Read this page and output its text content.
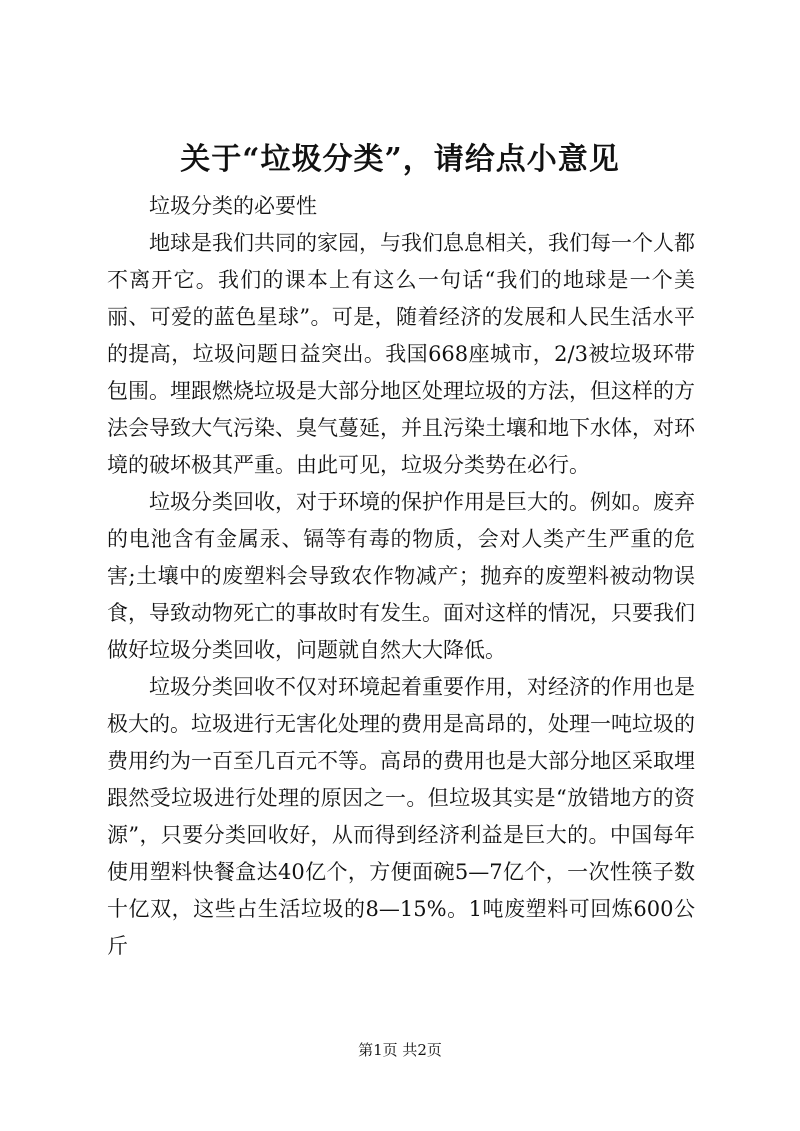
关于“垃圾分类”，请给点小意见

垃圾分类的必要性

地球是我们共同的家园，与我们息息相关，我们每一个人都不离开它。我们的课本上有这么一句话“我们的地球是一个美丽、可爱的蓝色星球”。可是，随着经济的发展和人民生活水平的提高，垃圾问题日益突出。我国668座城市，2/3被垃圾环带包围。埋跟燃烧垃圾是大部分地区处理垃圾的方法，但这样的方法会导致大气污染、臭气蔓延，并且污染土壤和地下水体，对环境的破坏极其严重。由此可见，垃圾分类势在必行。

垃圾分类回收，对于环境的保护作用是巨大的。例如。废弃的电池含有金属汞、镉等有毒的物质，会对人类产生严重的危害;土壤中的废塑料会导致农作物减产；抛弃的废塑料被动物误食，导致动物死亡的事故时有发生。面对这样的情况，只要我们做好垃圾分类回收，问题就自然大大降低。

垃圾分类回收不仅对环境起着重要作用，对经济的作用也是极大的。垃圾进行无害化处理的费用是高昂的，处理一吨垃圾的费用约为一百至几百元不等。高昂的费用也是大部分地区采取埋跟然受垃圾进行处理的原因之一。但垃圾其实是“放错地方的资源”，只要分类回收好，从而得到经济利益是巨大的。中国每年使用塑料快餐盒达40亿个，方便面碗5—7亿个，一次性筷子数十亿双，这些占生活垃圾的8—15%。1吨废塑料可回炼600公斤

第1页 共2页
